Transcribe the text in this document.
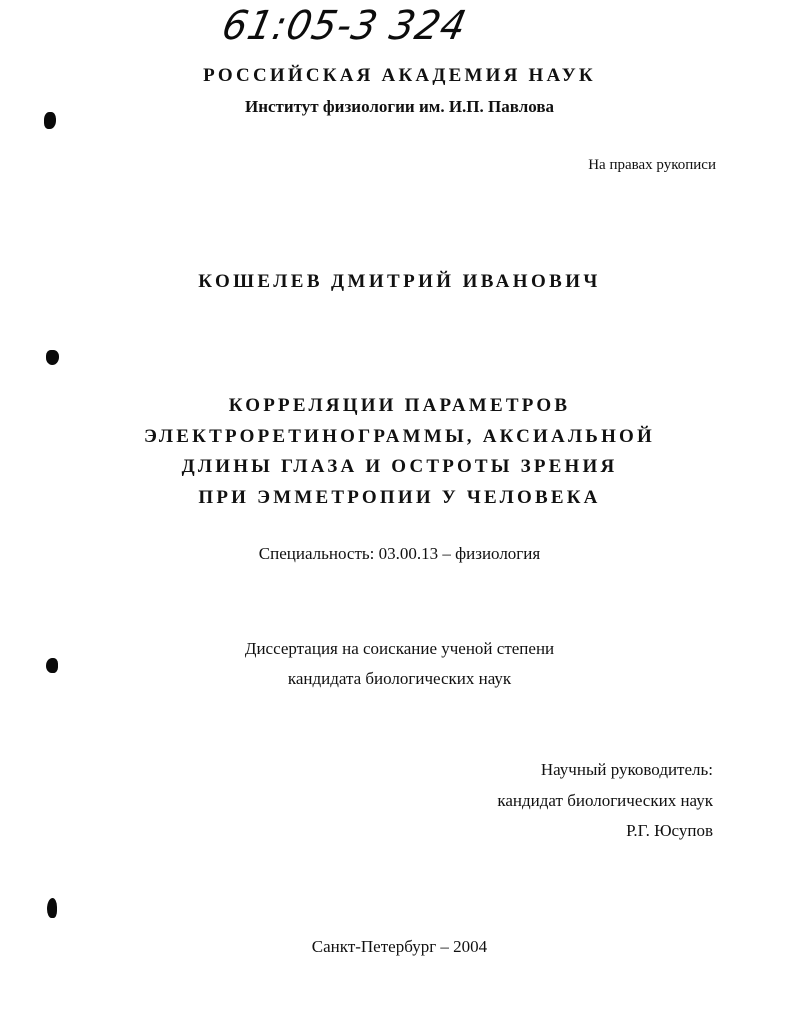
61:05-3 324
РОССИЙСКАЯ АКАДЕМИЯ НАУК
Институт физиологии им. И.П. Павлова
На правах рукописи
КОШЕЛЕВ ДМИТРИЙ ИВАНОВИЧ
КОРРЕЛЯЦИИ ПАРАМЕТРОВ
ЭЛЕКТРОРЕТИНОГРАММЫ, АКСИАЛЬНОЙ
ДЛИНЫ ГЛАЗА И ОСТРОТЫ ЗРЕНИЯ
ПРИ ЭММЕТРОПИИ У ЧЕЛОВЕКА
Специальность: 03.00.13 – физиология
Диссертация на соискание ученой степени
кандидата биологических наук
Научный руководитель:
кандидат биологических наук
Р.Г. Юсупов
Санкт-Петербург – 2004
